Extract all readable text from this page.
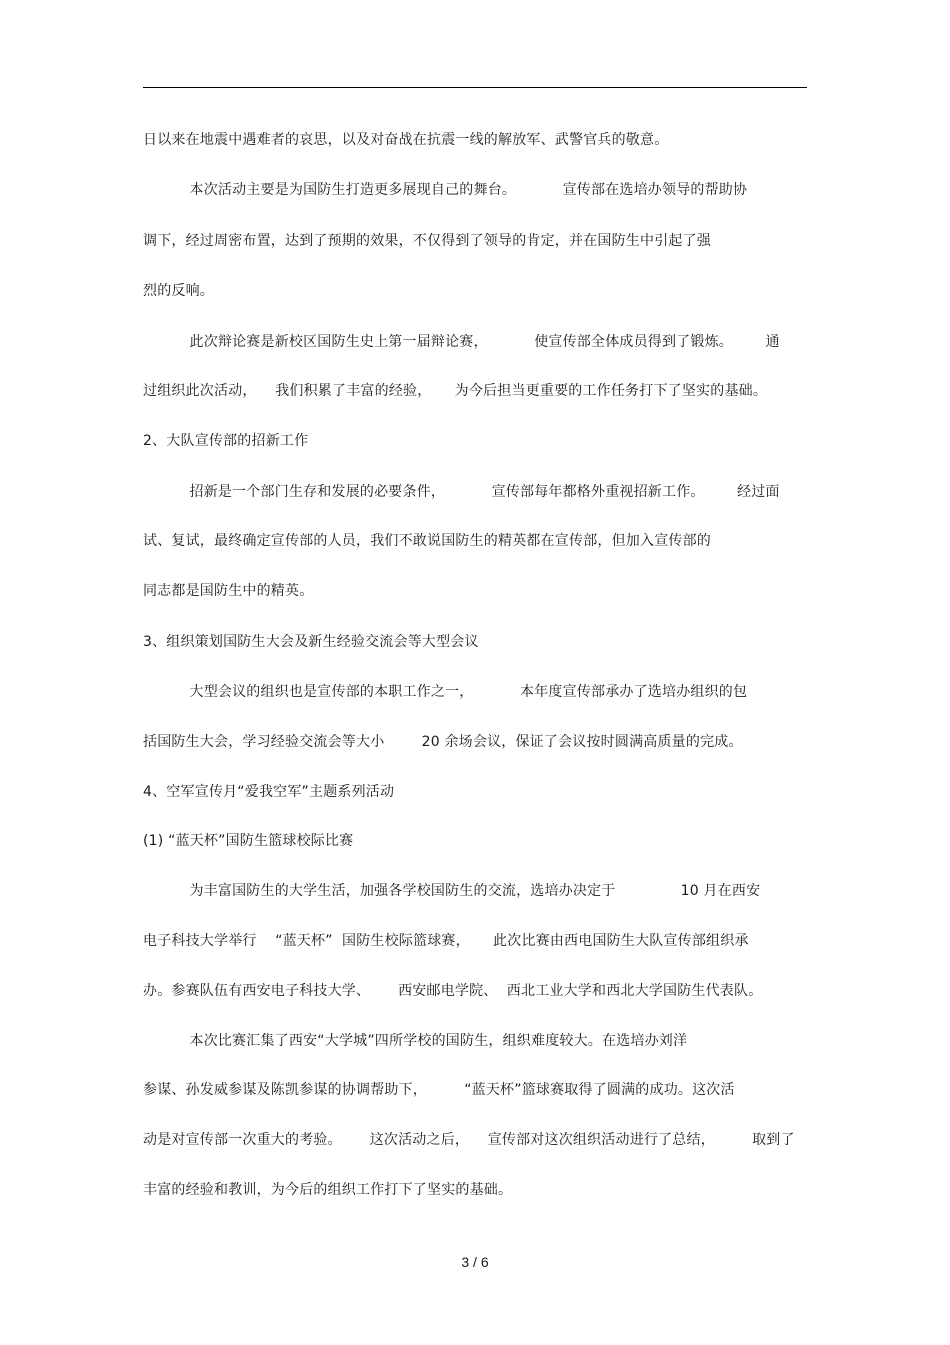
日以来在地震中遇难者的哀思，以及对奋战在抗震一线的解放军、武警官兵的敬意。
本次活动主要是为国防生打造更多展现自己的舞台。          宣传部在选培办领导的帮助协
调下，经过周密布置，达到了预期的效果，不仅得到了领导的肯定，并在国防生中引起了强
烈的反响。
此次辩论赛是新校区国防生史上第一届辩论赛，          使宣传部全体成员得到了锻炼。       通
过组织此次活动，    我们积累了丰富的经验，     为今后担当更重要的工作任务打下了坚实的基础。
2、大队宣传部的招新工作
招新是一个部门生存和发展的必要条件，          宣传部每年都格外重视招新工作。       经过面
试、复试，最终确定宣传部的人员，我们不敢说国防生的精英都在宣传部，但加入宣传部的
同志都是国防生中的精英。
3、组织策划国防生大会及新生经验交流会等大型会议
大型会议的组织也是宣传部的本职工作之一，          本年度宣传部承办了选培办组织的包
括国防生大会，学习经验交流会等大小        20 余场会议，保证了会议按时圆满高质量的完成。
4、空军宣传月“爱我空军”主题系列活动
(1) “蓝天杯”国防生篮球校际比赛
为丰富国防生的大学生活，加强各学校国防生的交流，选培办决定于              10 月在西安
电子科技大学举行    “蓝天杯”  国防生校际篮球赛，     此次比赛由西电国防生大队宣传部组织承
办。参赛队伍有西安电子科技大学、      西安邮电学院、  西北工业大学和西北大学国防生代表队。
本次比赛汇集了西安“大学城”四所学校的国防生，组织难度较大。在选培办刘洋
参谋、孙发威参谋及陈凯参谋的协调帮助下，        “蓝天杯”篮球赛取得了圆满的成功。这次活
动是对宣传部一次重大的考验。      这次活动之后，    宣传部对这次组织活动进行了总结，        取到了
丰富的经验和教训，为今后的组织工作打下了坚实的基础。
3 / 6
